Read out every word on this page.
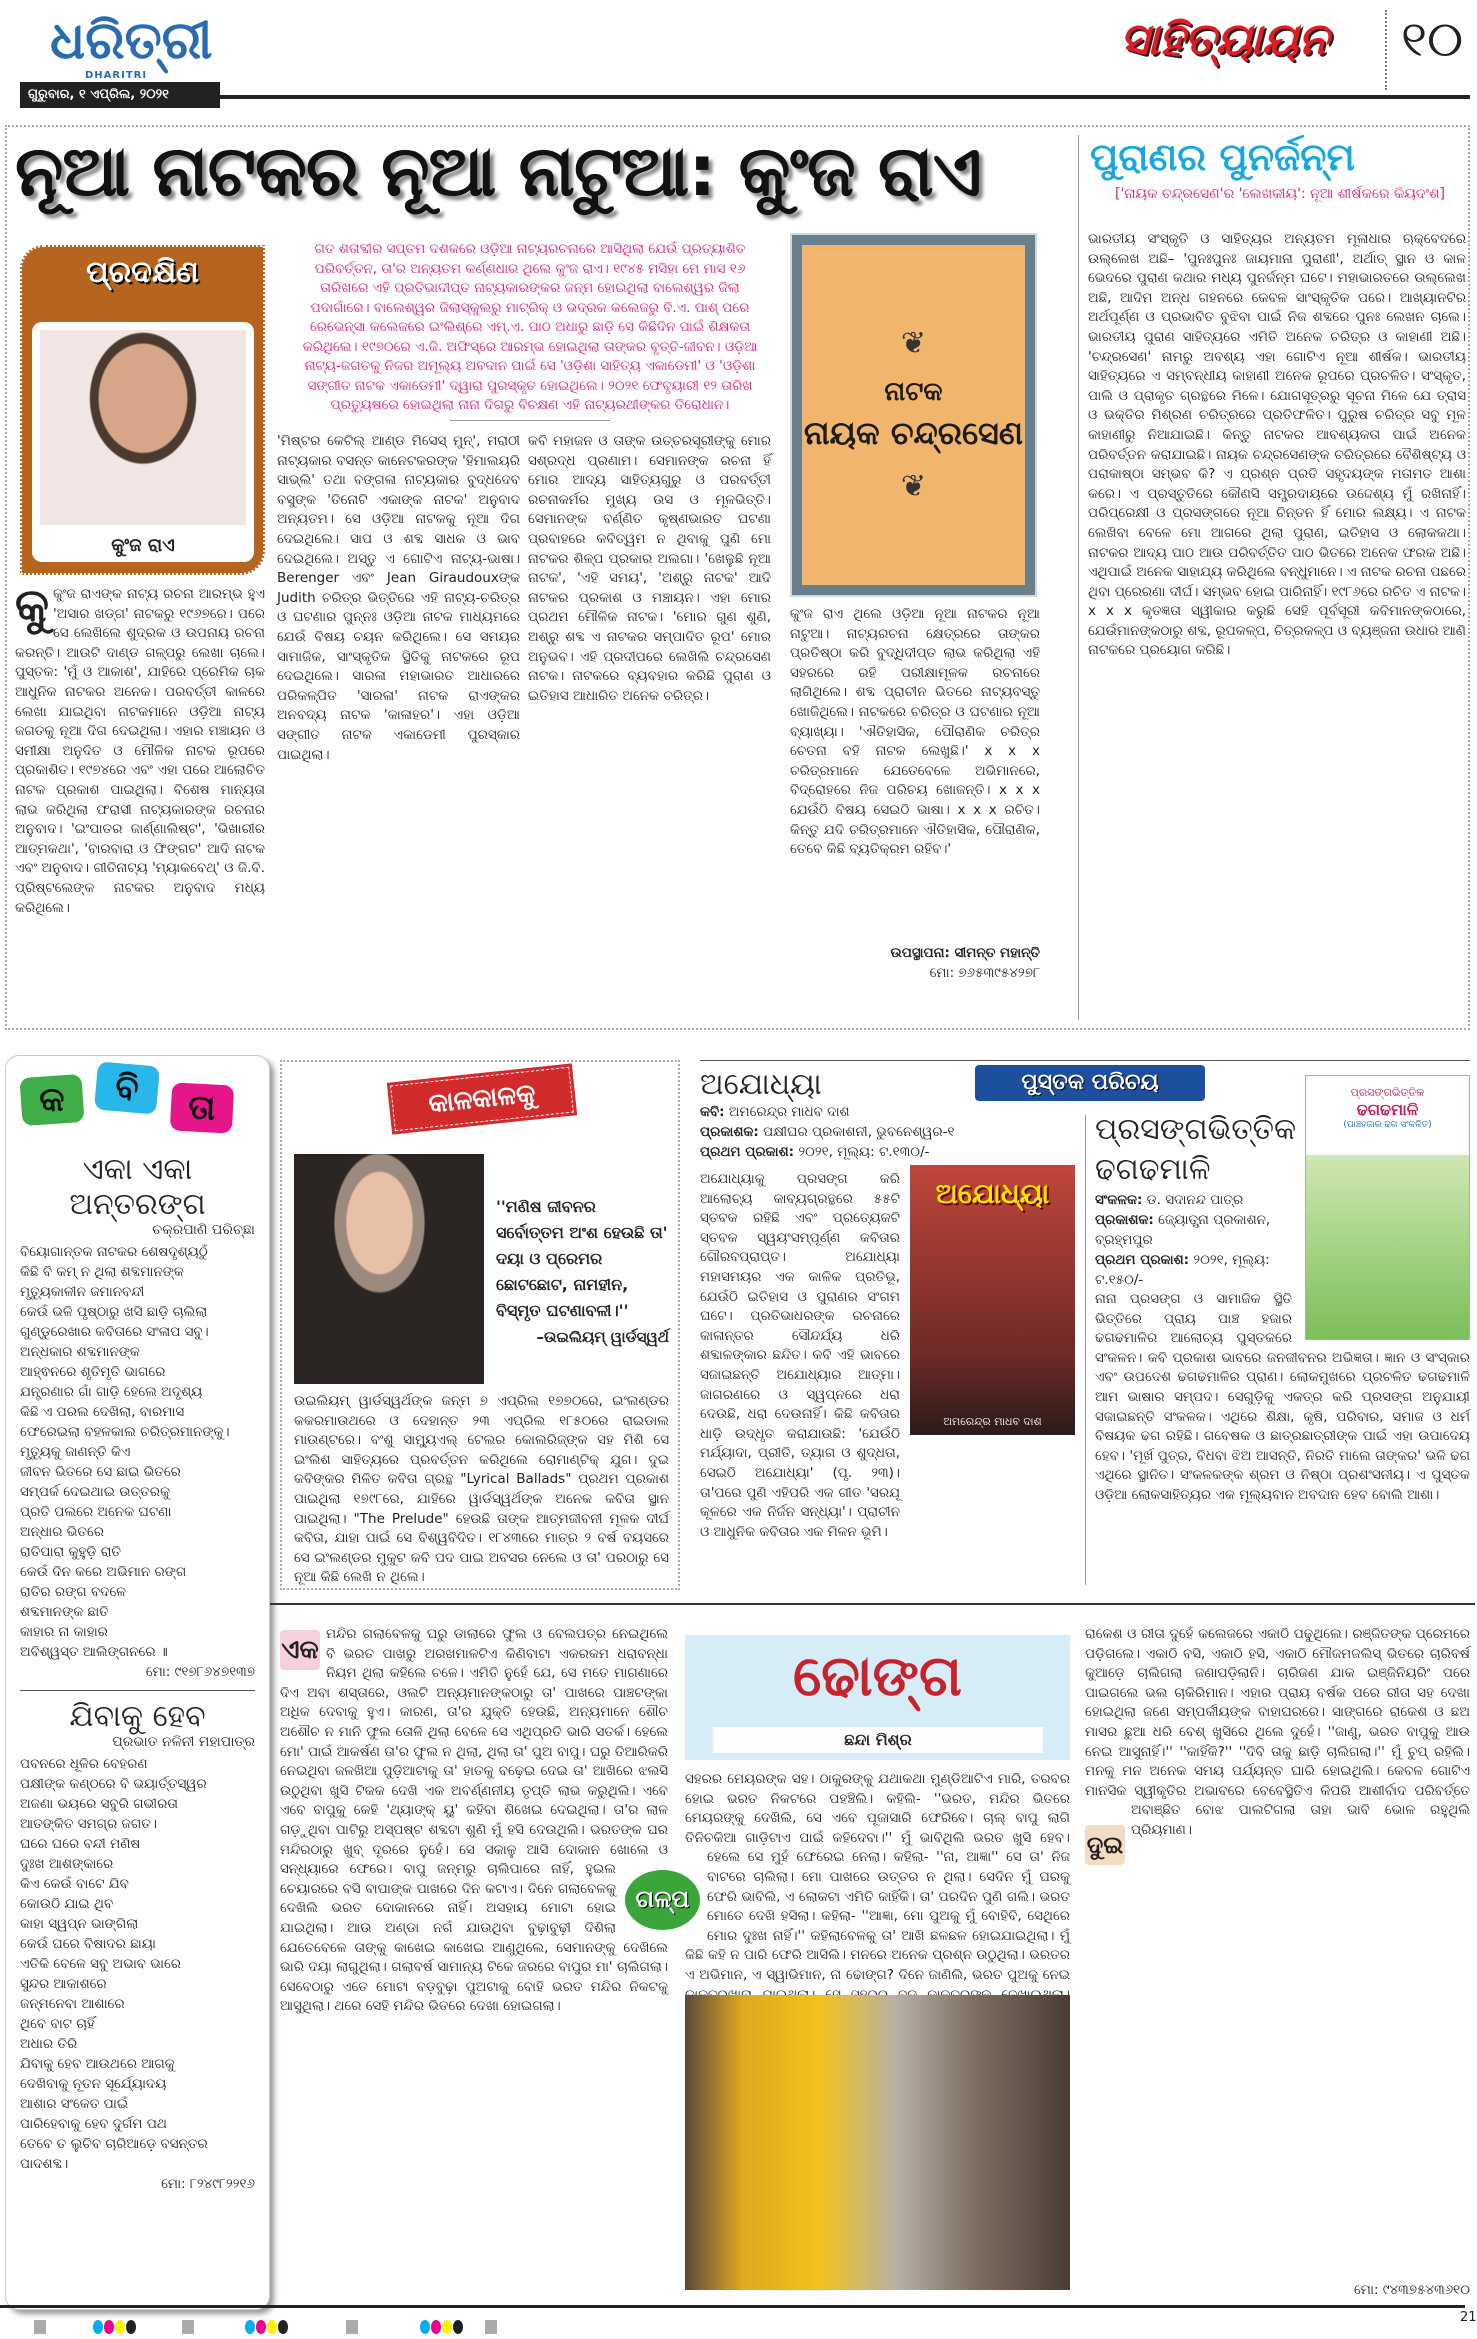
ଧରିତ୍ରୀ
DHARITRI
ଗୁରୁବାର, ୧ ଏପ୍ରିଲ, ୨୦୨୧
ସାହିତ୍ୟାୟନ	୧୦
ନୂଆ ନାଟକର ନୂଆ ନାଟୁଆ: କୁଂଜ ରାଏ
ପ୍ରଦକ୍ଷିଣ
କୁଂଜ ରାଏ
ଗତ ଶତାବ୍ଦୀର ସପ୍ତମ ଦଶକରେ ଓଡ଼ିଆ ନାଟ୍ୟରଚନାରେ ଆସିଥିଲା ଯେଉଁ ପ୍ରତ୍ୟାଶିତ ପରିବର୍ତ୍ତନ, ତା'ର ଅନ୍ୟତମ କର୍ଣ୍ଣଧାର ଥିଲେ କୁଂଜ ରାଏ। ୧୯୪୫ ମସିହା ମେ ମାସ ୧୬ ତାରିଖରେ ଏହି ପ୍ରତିଭାଦୀପ୍ତ ନାଟ୍ୟକାରଙ୍କର ଜନ୍ମ ହୋଇଥିଲା ବାଲେଶ୍ୱର ଜିଲା ପଦାଗାଁରେ। ବାଲେଶ୍ୱର ଜିଲାସ୍କୁଲରୁ ମାଟ୍ରିକ୍ ଓ ଭଦ୍ରକ କଲେଜରୁ ବି.ଏ. ପାଶ୍ ପରେ ରେଭେନ୍ସା କଲେଜରେ ଇଂଲିଶ୍‌ରେ ଏମ୍.ଏ. ପାଠ ଅଧାରୁ ଛାଡ଼ି ସେ କିଛିଦିନ ପାଇଁ ଶିକ୍ଷକତା କରିଥିଲେ। ୧୯୭୦ରେ ଏ.ଜି. ଅଫିସ୍‌ରେ ଆରମ୍ଭ ହୋଇଥିଲା ତାଙ୍କର ବୃତ୍ତି-ଜୀବନ। ଓଡ଼ିଆ ନାଟ୍ୟ-ଜଗତକୁ ନିଜର ଅମୂଲ୍ୟ ଅବଦାନ ପାଇଁ ସେ 'ଓଡ଼ିଶା ସାହିତ୍ୟ ଏକାଡେମୀ' ଓ 'ଓଡ଼ିଶା ସଙ୍ଗୀତ ନାଟକ ଏକାଡେମୀ' ଦ୍ୱାରା ପୁରସ୍କୃତ ହୋଇଥିଲେ। ୨୦୨୧ ଫେବୃୟାରୀ ୧୨ ତାରିଖ ପ୍ରତ୍ୟୁଷରେ ହୋଇଥିଲା ନାନା ଦିଗରୁ ବିଚକ୍ଷଣ ଏହି ନାଟ୍ୟରଥୀଙ୍କର ତିରୋଧାନ।
❦
ନାଟକ
ନାୟକ ଚନ୍ଦ୍ରସେଣ
❦
କୁକୁଂଜ ରାଏଙ୍କ ନାଟ୍ୟ ରଚନା ଆରମ୍ଭ ହୁଏ 'ଅସାର ଖଡ୍ଗ' ନାଟକରୁ ୧୯୬୭ରେ। ପରେ ସେ ଲେଖିଲେ ଶୁଦ୍ରକ ଓ ଉପନାୟ ରଚନା କରନ୍ତି। ଆଉଟି ଦାଣ୍ଡ ଗଳ୍ପରୁ ଲେଖା ଚାଲେ। ପୁସ୍ତକ: 'ମୁଁ ଓ ଆକାଶ', ଯାହିରେ ପ୍ରେମିକ ଚାକ ଆଧୁନିକ ନାଟକର ଅନେକ। ପରବର୍ତ୍ତୀ କାଳରେ ଲେଖା ଯାଇଥିବା ନାଟକମାନେ ଓଡ଼ିଆ ନାଟ୍ୟ ଜଗତକୁ ନୂଆ ଦିଗ ଦେଇଥିଲା। ଏହାର ମଞ୍ଚାୟନ ଓ ସମୀକ୍ଷା ଅନୁଦିତ ଓ ମୌଳିକ ନାଟକ ରୂପରେ ପ୍ରକାଶିତ। ୧୯୭୪ରେ ଏବଂ ଏହା ପରେ ଆଲୋଚିତ ନାଟକ ପ୍ରକାଶ ପାଇଥିଲା। ବିଶେଷ ମାନ୍ୟତା ଲାଭ କରିଥିଲା ଫରାସୀ ନାଟ୍ୟକାରଙ୍କ ରଚନାର ଅନୁବାଦ। 'ଇଂପାତର ଜାର୍ଣ୍ଣାଲିଷ୍ଟ', 'ଭିଖାରୀର ଆତ୍ମକଥା', 'ବାରବାରା ଓ ଫିଙ୍ଗଟ' ଆଦି ନାଟକ ଏବଂ ଅନୁବାଦ। ଗୀତିନାଟ୍ୟ 'ମ୍ୟାକବେଥ୍‌' ଓ ଜି.ବି. ପ୍ରିଷ୍ଟଲେଙ୍କ ନାଟକର ଅନୁବାଦ ମଧ୍ୟ କରିଥିଲେ।
'ମିଷ୍ଟର କେଟିଲ୍ ଆଣ୍ଡ ମିସେସ୍ ମୁନ୍', ମରାଠୀ ନାଟ୍ୟକାର ବସନ୍ତ କାନେଟକରଙ୍କ 'ହିମାଲୟରି ସାଭ୍ଲି' ତଥା ବଙ୍ଗଳା ନାଟ୍ୟକାର ବୁଦ୍ଧଦେବ ବସୁଙ୍କ 'ତିନୋଟି ଏକାଙ୍କ ନାଟକ' ଅନୁବାଦ ଅନ୍ୟତମ। ସେ ଓଡ଼ିଆ ନାଟକକୁ ନୂଆ ଦିଗ ଦେଇଥିଲେ। ସାପ ଓ ଶବ୍ଦ ସାଧକ ଓ ଭାବ ଦେଇଥିଲେ। ଅସ୍ତୁ ଏ ଗୋଟିଏ ନାଟ୍ୟ-ଭାଷା। Berenger ଏବଂ Jean Giraudouxଙ୍କ Judith ଚରିତ୍ର ଭିତ୍ତିରେ ଏହି ନାଟ୍ୟ-ଚରିତ୍ର ଓ ଘଟଣାର ପୁନ୍ନଃ ଓଡ଼ିଆ ନାଟକ ମାଧ୍ୟମରେ ଯେଉଁ ବିଷୟ ଚୟନ କରିଥିଲେ। ସେ ସମୟର ସାମାଜିକ, ସାଂସ୍କୃତିକ ସ୍ଥିତିକୁ ନାଟକରେ ରୂପ ଦେଇଥିଲେ। ସାରଳା ମହାଭାରତ ଆଧାରରେ ପରିକଳ୍ପିତ 'ସାରଳା' ନାଟକ ରାଏଙ୍କର ଅନବଦ୍ୟ ନାଟକ 'କାଳାହର'। ଏହା ଓଡ଼ିଆ ସଙ୍ଗୀତ ନାଟକ ଏକାଡେମୀ ପୁରସ୍କାର ପାଇଥିଲା।
କବି ମହାଜନ ଓ ତାଙ୍କ ଉତ୍ତରସୂରୀଙ୍କୁ ମୋର ସଶ୍ରଦ୍ଧ ପ୍ରଣାମ। ସେମାନଙ୍କ ରଚନା ହିଁ ମୋର ଆଦ୍ୟ ସାହିତ୍ୟଗୁରୁ ଓ ପରବର୍ତ୍ତୀ ରଚନାକର୍ମର ମୁଖ୍ୟ ଉସ ଓ ମୂଳଭିତ୍ତି। ସେମାନଙ୍କ ବର୍ଣ୍ଣିତ କୃଷ୍ଣଭାରତ ଘଟଣା ପ୍ରବାହରେ କବିତ୍ୱମ ନ ଥିବାକୁ ପୁଣି ମୋ ନାଟକର ଶିଳ୍ପ ପ୍ରକାର ଅଲଗା। 'ଖେଳୁଛି ନୂଆ ନାଟକ', 'ଏହି ସମୟ', 'ଅଶ୍ରୁ ନାଟକ' ଆଦି ନାଟକର ପ୍ରକାଶ ଓ ମଞ୍ଚାୟନ। ଏହା ମୋର ପ୍ରଥମ ମୌଳିକ ନାଟକ। 'ମୋର ଗୁଣ ଶୁଣି, ଅଶ୍ରୁ ଶବ୍ଦ ଏ ନାଟକର ସମ୍ପାଦିତ ରୂପ' ମୋର ଅନୁଭବ। ଏହି ପ୍ରଦୀପରେ ଲେଖିଲି ଚନ୍ଦ୍ରସେଣ ନାଟକ। ନାଟକରେ ବ୍ୟବହାର କରିଛି ପୁରାଣ ଓ ଇତିହାସ ଆଧାରିତ ଅନେକ ଚରିତ୍ର।
କୁଂଜ ରାଏ ଥିଲେ ଓଡ଼ିଆ ନୂଆ ନାଟକର ନୂଆ ନାଟୁଆ। ନାଟ୍ୟରଚନା କ୍ଷେତ୍ରରେ ତାଙ୍କର ପ୍ରତିଷ୍ଠା କରି ବୁଦ୍ଧିଦୀପ୍ତ ଲାଭ କରିଥିଲା ଏହି ସହରରେ ରହି ପରୀକ୍ଷାମୂଳକ ରଚନାରେ ଲାଗିଥିଲେ। ଶବ୍ଦ ପ୍ରାଚୀନ ଭିତରେ ନାଟ୍ୟବସ୍ତୁ ଖୋଜିଥିଲେ। ନାଟକରେ ଚରିତ୍ର ଓ ଘଟଣାର ନୂଆ ବ୍ୟାଖ୍ୟା। 'ଐତିହାସିକ, ପୌରାଣିକ ଚରିତ୍ର ଚେତନା ବହି ନାଟକ ଲେଖୁଛି।' x x x ଚରିତ୍ରମାନେ ଯେତେବେଳେ ଅଭିମାନରେ, ବିଦ୍ରୋହରେ ନିଜ ପରିଚୟ ଖୋଜନ୍ତି। x x x ଯେଉଁଠି ବିଷୟ ସେଇଠି ଭାଷା। x x x ରଚିତ। କିନ୍ତୁ ଯଦି ଚରିତ୍ରମାନେ ଐତିହାସିକ, ପୌରାଣିକ, ତେବେ କିଛି ବ୍ୟତିକ୍ରମ ରହିବ।'
ଉପସ୍ଥାପନା: ସୀମନ୍ତ ମହାନ୍ତି
ମୋ: ୭୬୫୩୯୫୪୨୭୮
ପୁରାଣର ପୁନର୍ଜନ୍ମ
['ନାୟକ ଚନ୍ଦ୍ରସେଣ'ର 'ଲେଖକୀୟ': ନୂଆ ଶୀର୍ଷକରେ କିୟଦଂଶ]
ଭାରତୀୟ ସଂସ୍କୃତି ଓ ସାହିତ୍ୟର ଅନ୍ୟତମ ମୂଳାଧାର ଋକ୍‌ବେଦରେ ଉଲ୍ଲେଖ ଅଛି– 'ପୁନଃପୁନଃ ଜାୟମାନା ପୁରାଣୀ', ଅର୍ଥାତ୍ ସ୍ଥାନ ଓ କାଳ ଭେଦରେ ପୁରାଣ କଥାର ମଧ୍ୟ ପୁନର୍ଜନ୍ମ ଘଟେ। ମହାଭାରତରେ ଉଲ୍ଲେଖ ଅଛି, ଆଦିମ ଅନ୍ଧ ଗହନରେ କେବଳ ସାଂସ୍କୃତିକ ପରେ। ଆଖ୍ୟାନଟିର ଅର୍ଥପୂର୍ଣ୍ଣ ଓ ପ୍ରଭାବିତ ବୁଝିବା ପାଇଁ ନିଜ ଶବ୍ଦରେ ପୁନଃ ଲେଖନ ଚାଲେ। ଭାରତୀୟ ପୁରାଣ ସାହିତ୍ୟରେ ଏମିତି ଅନେକ ଚରିତ୍ର ଓ କାହାଣୀ ଅଛି। 'ଚନ୍ଦ୍ରସେଣ' ନାମରୁ ଅବଶ୍ୟ ଏହା ଗୋଟିଏ ନୂଆ ଶୀର୍ଷକ। ଭାରତୀୟ ସାହିତ୍ୟରେ ଏ ସମ୍ବନ୍ଧୀୟ କାହାଣୀ ଅନେକ ରୂପରେ ପ୍ରଚଳିତ। ସଂସ୍କୃତ, ପାଲି ଓ ପ୍ରାକୃତ ଗ୍ରନ୍ଥରେ ମିଳେ। ଯୋଗସୂତ୍ରରୁ ସୂଚନା ମିଳେ ଯେ ତ୍ରାସ ଓ ଭକ୍ତିର ମିଶ୍ରଣ ଚରିତ୍ରରେ ପ୍ରତିଫଳିତ। ପୁରୁଷ ଚରିତ୍ର ସବୁ ମୂଳ କାହାଣୀରୁ ନିଆଯାଇଛି। କିନ୍ତୁ ନାଟକର ଆବଶ୍ୟକତା ପାଇଁ ଅନେକ ପରିବର୍ତ୍ତନ କରାଯାଇଛି। ନାୟକ ଚନ୍ଦ୍ରସେଣଙ୍କ ଚରିତ୍ରରେ ବୈଶିଷ୍ଟ୍ୟ ଓ ପରାକାଷ୍ଠା ସମ୍ଭବ କି? ଏ ପ୍ରଶ୍ନ ପ୍ରତି ସହୃଦୟଙ୍କ ମତାମତ ଆଶା କରେ। ଏ ପ୍ରସ୍ତୁତିରେ କୌଣସି ସମ୍ପ୍ରଦାୟରେ ଉଦ୍ଦେଶ୍ୟ ମୁଁ ରଖିନାହିଁ। ପରିପ୍ରେକ୍ଷୀ ଓ ପ୍ରସଙ୍ଗରେ ନୂଆ ଚିନ୍ତନ ହିଁ ମୋର ଲକ୍ଷ୍ୟ। ଏ ନାଟକ ଲେଖିବା ବେଳେ ମୋ ଆଗରେ ଥିଲା ପୁରାଣ, ଇତିହାସ ଓ ଲୋକକଥା। ନାଟକର ଆଦ୍ୟ ପାଠ ଆଉ ପରିବର୍ତ୍ତିତ ପାଠ ଭିତରେ ଅନେକ ଫରକ ଅଛି। ଏଥିପାଇଁ ଅନେକ ସାହାଯ୍ୟ କରିଥିଲେ ବନ୍ଧୁମାନେ। ଏ ନାଟକ ରଚନା ପଛରେ ଥିବା ପ୍ରେରଣା ଦୀର୍ଘ। ସମ୍ଭବ ହୋଇ ପାରିନାହିଁ। ୧୯୮୬ରେ ରଚିତ ଏ ନାଟକ। x x x କୃତଜ୍ଞତା ସ୍ୱୀକାର କରୁଛି ସେହି ପୂର୍ବସୂରୀ କବିମାନଙ୍କଠାରେ, ଯେଉଁମାନଙ୍କଠାରୁ ଶବ୍ଦ, ରୂପକଳ୍ପ, ଚିତ୍ରକଳ୍ପ ଓ ବ୍ୟଞ୍ଜନା ଉଧାର ଆଣି ନାଟକରେ ପ୍ରୟୋଗ କରିଛି।
କ	ବି	ତା
ଏକା ଏକା ଅନ୍ତରଙ୍ଗ
ଚକ୍ରପାଣି ପରିଚ୍ଛା
ବିୟୋଗାନ୍ତକ ନାଟକର ଶେଷଦୃଶ୍ୟଠୁଁ
କିଛି ବି କମ୍ ନ ଥିଲା ଶବ୍ଦମାନଙ୍କ
ମୃତ୍ୟୁକାଳୀନ ଜମାନବନ୍ଦୀ
କେଉଁ ଭଳି ପୃଷ୍ଠାରୁ ଖସି ଛାଡ଼ି ଚାଲିଲା
ଗୁଣ୍ଡୁରେଖାର କବିତାରେ ସଂଳାପ ସବୁ।
ଅନ୍ଧକାର ଶବ୍ଦମାନଙ୍କ
ଆହ୍ଵନରେ ଶୃତିମୃତି ଭାଗରେ
ଯନ୍ତ୍ରଣାର ଗାଁ ଗାଡ଼ି ହେଲେ ଅଦୃଶ୍ୟ
କିଛି ଏ ପରଲ ଦେଖିଲା, ବାରମାସ
ଫେରେଇଲା ବହଳକାଲ ଚରିତ୍ରମାନଙ୍କୁ।
ମୃତ୍ୟୁକୁ ଜାଣନ୍ତି କିଏ
ଜୀବନ ଭିତରେ ସେ ଛାଇ ଭିତରେ
ସମ୍ପର୍କ ଦେଇଥାଇ ଉତ୍ତରକୁ
ପ୍ରତି ପଲରେ ଅନେକ ଘଟଣା
ଅନ୍ଧାର ଭିତରେ
ରାତିପାରା କୁହୁଡ଼ି ରାତି
କେଉଁ ଦିନ କରେ ଅଭିମାନ ରଙ୍ଗ
ରାତିର ରଙ୍ଗ ବଦଳେ
ଶବ୍ଦମାନଙ୍କ ଛାତି
କାହାର ନା କାହାର
ଅବିଶ୍ୱସ୍ତ ଆଲିଙ୍ଗନରେ ॥
ମୋ: ୯୧୭୮୬୪୭୧୩୭
ଯିବାକୁ ହେବ
ପ୍ରଭାତ ନଳିନୀ ମହାପାତ୍ର
ପବନରେ ଧୂଳିର ବେହରଣ
ପକ୍ଷୀଙ୍କ କଣ୍ଠରେ ବି ଭୟାର୍ତ୍ତସ୍ୱର
ଅଜଣା ଭୟରେ ସବୁରି ଗଭୀରତା
ଆତଙ୍କିତ ସମଗ୍ର ଜଗତ।
ଘରେ ଘରେ ବନ୍ଦୀ ମଣିଷ
ଦୁଃଖ ଆଶଙ୍କାରେ
କିଏ କେଉଁ ବାଟେ ଯିବ
କୋଉଠି ଯାଇ ଥିବ
କାହା ସ୍ୱପ୍ନ ଭାଙ୍ଗିଲା
କେଉଁ ଘରେ ବିଷାଦର ଛାୟା
ଏତିକି ବେଳେ ସବୁ ଅଭାବ ଭାରେ
ସୁନ୍ଦର ଆକାଶରେ
ଜନ୍ମନେବା ଆଶାରେ
ଥିବେ ବାଟ ଚାହିଁ
ଅଧାର ତିରି
ଯିବାକୁ ହେବ ଆଉଥରେ ଆଗକୁ
ଦେଖିବାକୁ ନୂତନ ସୂର୍ଯ୍ୟୋଦୟ
ଆଶାର ସଂକେତ ପାଇଁ
ପାରିହେବାକୁ ହେବ ଦୁର୍ଗମ ପଥ
ତେବେ ତ ଲୁଚିବ ଚାରିଆଡ଼େ ବସନ୍ତର ପାଦଶବ୍ଦ।
ମୋ: ୮୨୪୯୮୨୨୧୬
କାଳକାଳକୁ
''ମଣିଷ ଜୀବନର ସର୍ବୋତ୍ତମ ଅଂଶ ହେଉଛି ତା' ଦୟା ଓ ପ୍ରେମର ଛୋଟଛୋଟ, ନାମହୀନ, ବିସ୍ମୃତ ଘଟଣାବଳୀ।''
–ଉଇଲିୟମ୍ ୱାର୍ଡସ୍‌ୱର୍ଥ
ଉଇଲିୟମ୍ ୱାର୍ଡସ୍‌ୱର୍ଥଙ୍କ ଜନ୍ମ ୭ ଏପ୍ରିଲ ୧୭୭୦ରେ, ଇଂଲଣ୍ଡର କକରମାଉଥରେ ଓ ଦେହାନ୍ତ ୨୩ ଏପ୍ରିଲ ୧୮୫୦ରେ ରାଇଡାଲ ମାଉଣ୍ଟରେ। ବଂଶୁ ସାମ୍ୟୁଏଲ୍ ଟେଲର କୋଲରିଜ୍‌ଙ୍କ ସହ ମିଶି ସେ ଇଂଲିଶ ସାହିତ୍ୟରେ ପ୍ରବର୍ତ୍ତନ କରିଥିଲେ ରୋମାଣ୍ଟିକ୍ ଯୁଗ। ଦୁଇ କବିଙ୍କର ମିଳିତ କବିତା ଗ୍ରନ୍ଥ "Lyrical Ballads" ପ୍ରଥମ ପ୍ରକାଶ ପାଇଥିଲା ୧୭୯୮ରେ, ଯାହିରେ ୱାର୍ଡସ୍‌ୱର୍ଥଙ୍କ ଅନେକ କବିତା ସ୍ଥାନ ପାଇଥିଲା। "The Prelude" ହେଉଛି ତାଙ୍କ ଆତ୍ମଜୀବନୀ ମୂଳକ ଦୀର୍ଘ କବିତା, ଯାହା ପାଇଁ ସେ ବିଶ୍ୱବିଦିତ। ୧୮୪୩ରେ ମାତ୍ର ୨ ବର୍ଷ ବୟସରେ ସେ ଇଂଲଣ୍ଡର ମୁକୁଟ କବି ପଦ ପାଇ ଅବସର ନେଲେ ଓ ତା' ପରଠାରୁ ସେ ନୂଆ କିଛି ଲେଖି ନ ଥିଲେ।
ପୁସ୍ତକ ପରିଚୟ
ଅଯୋଧ୍ୟା
କବି: ଅମରେନ୍ଦ୍ର ମାଧବ ଦାଶ
ପ୍ରକାଶକ: ପକ୍ଷୀଘର ପ୍ରକାଶନୀ, ଭୁବନେଶ୍ୱର-୧
ପ୍ରଥମ ପ୍ରକାଶ: ୨୦୨୧, ମୂଲ୍ୟ: ଟ.୧୩୦/-
ଅଯୋଧ୍ୟାକୁ ପ୍ରସଙ୍ଗ କରି ଆଲୋଚ୍ୟ କାବ୍ୟଗ୍ରନ୍ଥରେ ୫୫ଟି ସ୍ତବକ ରହିଛି ଏବଂ ପ୍ରତ୍ୟେକଟି ସ୍ତବକ ସ୍ୱୟଂସମ୍ପୂର୍ଣ୍ଣ କବିତାର ଗୌରବପ୍ରାପ୍ତ। ଅଯୋଧ୍ୟା ମହାସମୟର ଏକ କାଳିକ ପ୍ରତିଭୂ, ଯେଉଁଠି ଇତିହାସ ଓ ପୁରାଣର ସଂଗମ ଘଟେ। ପ୍ରତିଭାଧରଙ୍କ ରଚନାରେ କାଳାନ୍ତର ସୌନ୍ଦର୍ଯ୍ୟ ଧରି ଶବ୍ଦାଳଙ୍କାର ଛନ୍ଦିତ। କବି ଏହି ଭାବରେ ସଜାଇଛନ୍ତି ଅଯୋଧ୍ୟାର ଆତ୍ମା। ଜାଗରଣରେ ଓ ସ୍ୱପ୍ନରେ ଧରା ଦେଉଛି, ଧରା ଦେଉନାହିଁ। କିଛି କବିତାର ଧାଡ଼ି ଉଦ୍ଧୃତ କରାଯାଉଛି: 'ଯେଉଁଠି ମର୍ଯ୍ୟାଦା, ପ୍ରୀତି, ତ୍ୟାଗ ଓ ଶୁଦ୍ଧତା, ସେଇଠି ଅଯୋଧ୍ୟା' (ପୃ. ୨୩)। ତା'ପରେ ପୁଣି ଏହିପରି ଏକ ଗୀତ 'ସରଯୂ କୂଳରେ ଏକ ନିର୍ଜନ ସନ୍ଧ୍ୟା'। ପ୍ରାଚୀନ ଓ ଆଧୁନିକ କବିତାର ଏକ ମିଳନ ଭୂମି।
ଅଯୋଧ୍ୟା
ଅମରେନ୍ଦ୍ର ମାଧବ ଦାଶ
ପ୍ରସଙ୍ଗଭିତ୍ତିକ ଢଗଢମାଳି
ସଂକଳକ: ଡ. ସଦାନନ୍ଦ ପାତ୍ର
ପ୍ରକାଶକ: ଜ୍ୟୋତ୍ସ୍ନା ପ୍ରକାଶନ, ବ୍ରହ୍ମପୁର
ପ୍ରଥମ ପ୍ରକାଶ: ୨୦୨୧, ମୂଲ୍ୟ: ଟ.୧୫୦/-
ନାନା ପ୍ରସଙ୍ଗ ଓ ସାମାଜିକ ସ୍ଥିତି ଭିତ୍ତିରେ ପ୍ରାୟ ପାଞ୍ଚ ହଜାର ଢଗଢମାଳିର ଆଲୋଚ୍ୟ ପୁସ୍ତକରେ ସଂକଳନ। କବି ପ୍ରକାଶ ଭାବରେ ଜନଜୀବନର ଅଭିଜ୍ଞତା। ଜ୍ଞାନ ଓ ସଂସ୍କାର ଏବଂ ଉପଦେଶ ଢଗଢମାଳିର ପ୍ରାଣ। ଲୋକମୁଖରେ ପ୍ରଚଳିତ ଢଗଢମାଳି ଆମ ଭାଷାର ସମ୍ପଦ। ସେଗୁଡ଼ିକୁ ଏକତ୍ର କରି ପ୍ରସଙ୍ଗ ଅନୁଯାୟୀ ସଜାଇଛନ୍ତି ସଂକଳକ। ଏଥିରେ ଶିକ୍ଷା, କୃଷି, ପରିବାର, ସମାଜ ଓ ଧର୍ମ ବିଷୟକ ଢଗ ରହିଛି। ଗବେଷକ ଓ ଛାତ୍ରଛାତ୍ରୀଙ୍କ ପାଇଁ ଏହା ଉପାଦେୟ ହେବ। 'ମୂର୍ଖ ପୁତ୍ର, ବିଧବା ଝିଅ ଆସନ୍ତି, ନିରତି ମାଲେ ତାଙ୍କର' ଭଳି ଢଗ ଏଥିରେ ସ୍ଥାନିତ। ସଂକଳକଙ୍କ ଶ୍ରମ ଓ ନିଷ୍ଠା ପ୍ରଶଂସନୀୟ। ଏ ପୁସ୍ତକ ଓଡ଼ିଆ ଲୋକସାହିତ୍ୟର ଏକ ମୂଲ୍ୟବାନ ଅବଦାନ ହେବ ବୋଲି ଆଶା।
ପ୍ରସଙ୍ଗଭିତ୍ତିକ
ଢଗଢମାଳି
(ପାଞ୍ଚହଜାର ଢଗ ସଂକଳିତ)
ମନ୍ଦିର ଗଲାବେଳକୁ ଘରୁ ଡାଲାରେ ଫୁଲ ଓ ବେଲପତ୍ର ନେଇଥିଲେ ବି ଭରତ ପାଖରୁ ଅରଖମାଳଟିଏ କିଣିବାଟା ଏକରକମ ଧରାବନ୍ଧା ନିୟମ ଥିଲା କହିଲେ ଚଳେ। ଏମିତି ନୁହେଁ ଯେ, ସେ ମତେ ମାଗଣାରେ ଦିଏ ଅବା ଶସ୍ତାରେ, ଓଲଟି ଅନ୍ୟମାନଙ୍କଠାରୁ ତା' ପାଖରେ ପାଞ୍ଚଟଙ୍କା ଅଧିକ ଦେବାକୁ ହୁଏ। କାରଣ, ତା'ର ଯୁକ୍ତି ହେଉଛି, ଅନ୍ୟମାନେ ଶୌଚ ଅଶୌଚ ନ ମାନି ଫୁଲ ତୋଳି ଥିଲା ବେଳେ ସେ ଏଥିପ୍ରତି ଭାରି ସତର୍କ। ହେଲେ ମୋ' ପାଇଁ ଆକର୍ଷଣ ତା'ର ଫୁଲ ନ ଥିଲା, ଥିଲା ତା' ପୁଅ ବାପୁ। ଘରୁ ତିଆରିକରି ନେଇଥିବା ଜଳଖିଆ ପୁଡ଼ିଆଟାକୁ ତା' ହାତକୁ ବଢ଼େଇ ଦେଇ ତା' ଆଖିରେ ଝଲସି ଉଠୁଥିବା ଖୁସି ଟିକକ ଦେଖି ଏକ ଅବର୍ଣ୍ଣନୀୟ ତୃପ୍ତି ଲାଭ କରୁଥିଲି। ଏବେ ଏବେ ବାପୁକୁ କେହି 'ଥ୍ୟାଙ୍କ୍ ୟୁ' କହିବା ଶିଖେଇ ଦେଇଥିଲା। ତା'ର ଲାଳ ଗଡ଼ୁଥିବା ପାଟିରୁ ଅସ୍ପଷ୍ଟ ଶବ୍ଦଟା ଶୁଣି ମୁଁ ହସି ଦେଉଥିଲି। ଭରତଙ୍କ ଘର ମନ୍ଦିରଠାରୁ ଖୁବ୍ ଦୂରରେ ନୁହେଁ। ସେ ସକାଳୁ ଆସି ଦୋକାନ ଖୋଲେ ଓ ସନ୍ଧ୍ୟାରେ ଫେରେ। ବାପୁ ଜନ୍ମରୁ ଚାଲିପାରେ ନାହିଁ, ହୁଇଲ ଚେୟାରରେ ବସି ବାପାଙ୍କ ପାଖରେ ଦିନ କଟାଏ। ଦିନେ ଗଲାବେଳକୁ ଦେଖିଲି ଭରତ ଦୋକାନରେ ନାହିଁ। ଅସହାୟ ମୋଟା ହୋଇ ଯାଇଥିଲା। ଆଉ ଅଣ୍ଡା ନଗଁ ଯାଉଥିବା ବୁଢ଼ାବୁଢ଼ୀ ଦିଶିଲା ଯେତେବେଳେ ତାଙ୍କୁ କାଖେଇ କାଖେଇ ଆଣୁଥିଲେ, ସେମାନଙ୍କୁ ଦେଖିଲେ ଭାରି ଦୟା ଲାଗୁଥିଲା। ଗଲାବର୍ଷ ସାମାନ୍ୟ ଟିକେ ଜରରେ ବାପୁର ମା' ଚାଲିଗଲା। ସେବେଠାରୁ ଏତେ ମୋଟା ବଡ଼ବୁଢ଼ା ପୁଅଟାକୁ ବୋହି ଭରତ ମନ୍ଦିର ନିକଟକୁ ଆସୁଥିଲା। ଥରେ ସେହି ମନ୍ଦିର ଭିତରେ ଦେଖା ହୋଇଗଲା।
ଏକ	ଢୋଙ୍ଗ
ଛନ୍ଦା ମିଶ୍ର
ସହରର ମେୟରଙ୍କ ସହ। ଠାକୁରଙ୍କୁ ଯଥାକଥା ମୁଣ୍ଡିଆଟିଏ ମାରି, ତରବର ହୋଇ ଭରତ ନିକଟରେ ପହଞ୍ଚିଲି। କହିଲି- ''ଭରତ, ମନ୍ଦିର ଭିତରେ ମେୟରଙ୍କୁ ଦେଖିଲି, ସେ ଏବେ ପୂଜାସାରି ଫେରିବେ। ଚାଲ୍ ବାପୁ ଲାଗି ତିନିଚକିଆ ଗାଡ଼ିଟାଏ ପାଇଁ କହିଦେବା।'' ମୁଁ ଭାବିଥିଲି ଭରତ ଖୁସି ହେବ। ହେଲେ ସେ ମୁହଁ ଫେରେଇ ନେଲା। କହିଲା- ''ନା, ଆଜ୍ଞା'' ସେ ତା' ନିଜ ବାଟରେ ଚାଲିଲା। ମୋ ପାଖରେ ଉତ୍ତର ନ ଥିଲା। ସେଦିନ ମୁଁ ଘରକୁ ଫେରି ଭାବିଲି, ଏ ଲୋକଟା ଏମିତି କାହିଁକି। ତା' ପରଦିନ ପୁଣି ଗଲି। ଭରତ ମୋତେ ଦେଖି ହସିଲା। କହିଲା- ''ଆଜ୍ଞା, ମୋ ପୁଅକୁ ମୁଁ ବୋହିବି, ସେଥିରେ ମୋର ଦୁଃଖ ନାହିଁ।'' କହିଲାବେଳକୁ ତା' ଆଖି ଛଳଛଳ ହୋଇଯାଇଥିଲା। ମୁଁ କିଛି କହି ନ ପାରି ଫେରି ଆସିଲି। ମନରେ ଅନେକ ପ୍ରଶ୍ନ ଉଠୁଥିଲା। ଭରତର ଏ ଅଭିମାନ, ଏ ସ୍ୱାଭିମାନ, ନା ଢୋଙ୍ଗ? ଦିନେ ଜାଣିଲି, ଭରତ ପୁଅକୁ ନେଇ
ଗଳ୍ପ
ରାକେଶ ଓ ରୀତା ଦୁହେଁ କଲେଜରେ ଏକାଠି ପଢୁଥିଲେ। ରଞ୍ଜିତଙ୍କ ପ୍ରେମରେ ପଡ଼ିଗଲେ। ଏକାଠି ବସି, ଏକାଠି ହସି, ଏକାଠି ମୌଜମଜଲିସ୍ ଭିତରେ ଚାରିବର୍ଷ କୁଆଡ଼େ ଚାଲିଗଲା ଜଣାପଡ଼ିଲାନି। ଚାରିଜଣ ଯାକ ଇଞ୍ଜିନିୟରିଂ ପରେ ପାଇଗଲେ ଭଲ ଚାକିରିମାନ। ଏହାର ପ୍ରାୟ ବର୍ଷକ ପରେ ରୀତା ସହ ଦେଖା ହୋଇଥିଲା ଜଣେ ସମ୍ପର୍କୀୟଙ୍କ ବାହାଘରରେ। ସାଙ୍ଗରେ ରାକେଶ ଓ ଛଅ ମାସର ଛୁଆ ଧରି ବେଶ୍ ଖୁସିରେ ଥିଲେ ଦୁହେଁ। ''ଜାଣୁ, ଭରତ ବାପୁକୁ ଆଉ ନେଇ ଆସୁନାହିଁ।'' ''କାହିଁକି?'' ''ଦିବି ତାକୁ ଛାଡ଼ି ଚାଲିଗଲା।'' ମୁଁ ଚୁପ୍ ରହିଲି। ମନକୁ ମନ ଅନେକ ସମୟ ପର୍ଯ୍ୟନ୍ତ ଘାରି ହୋଇଥିଲି। କେବଳ ଗୋଟିଏ ମାନସିକ ସ୍ୱୀକୃତିର ଅଭାବରେ ବେବେସ୍ଥିତିଏ କିପରି ଆଶୀର୍ବାଦ ପରିବର୍ତ୍ତେ ଅବାଞ୍ଛିତ ବୋଝ ପାଲଟିଗଲା ତାହା ଭାବି ଭୋଳ ରହୁଥିଲି ପ୍ରିୟମାଣ।
ମୋ: ୯୪୩୭୫୪୩୬୧୦
ଦୁଇ
21
